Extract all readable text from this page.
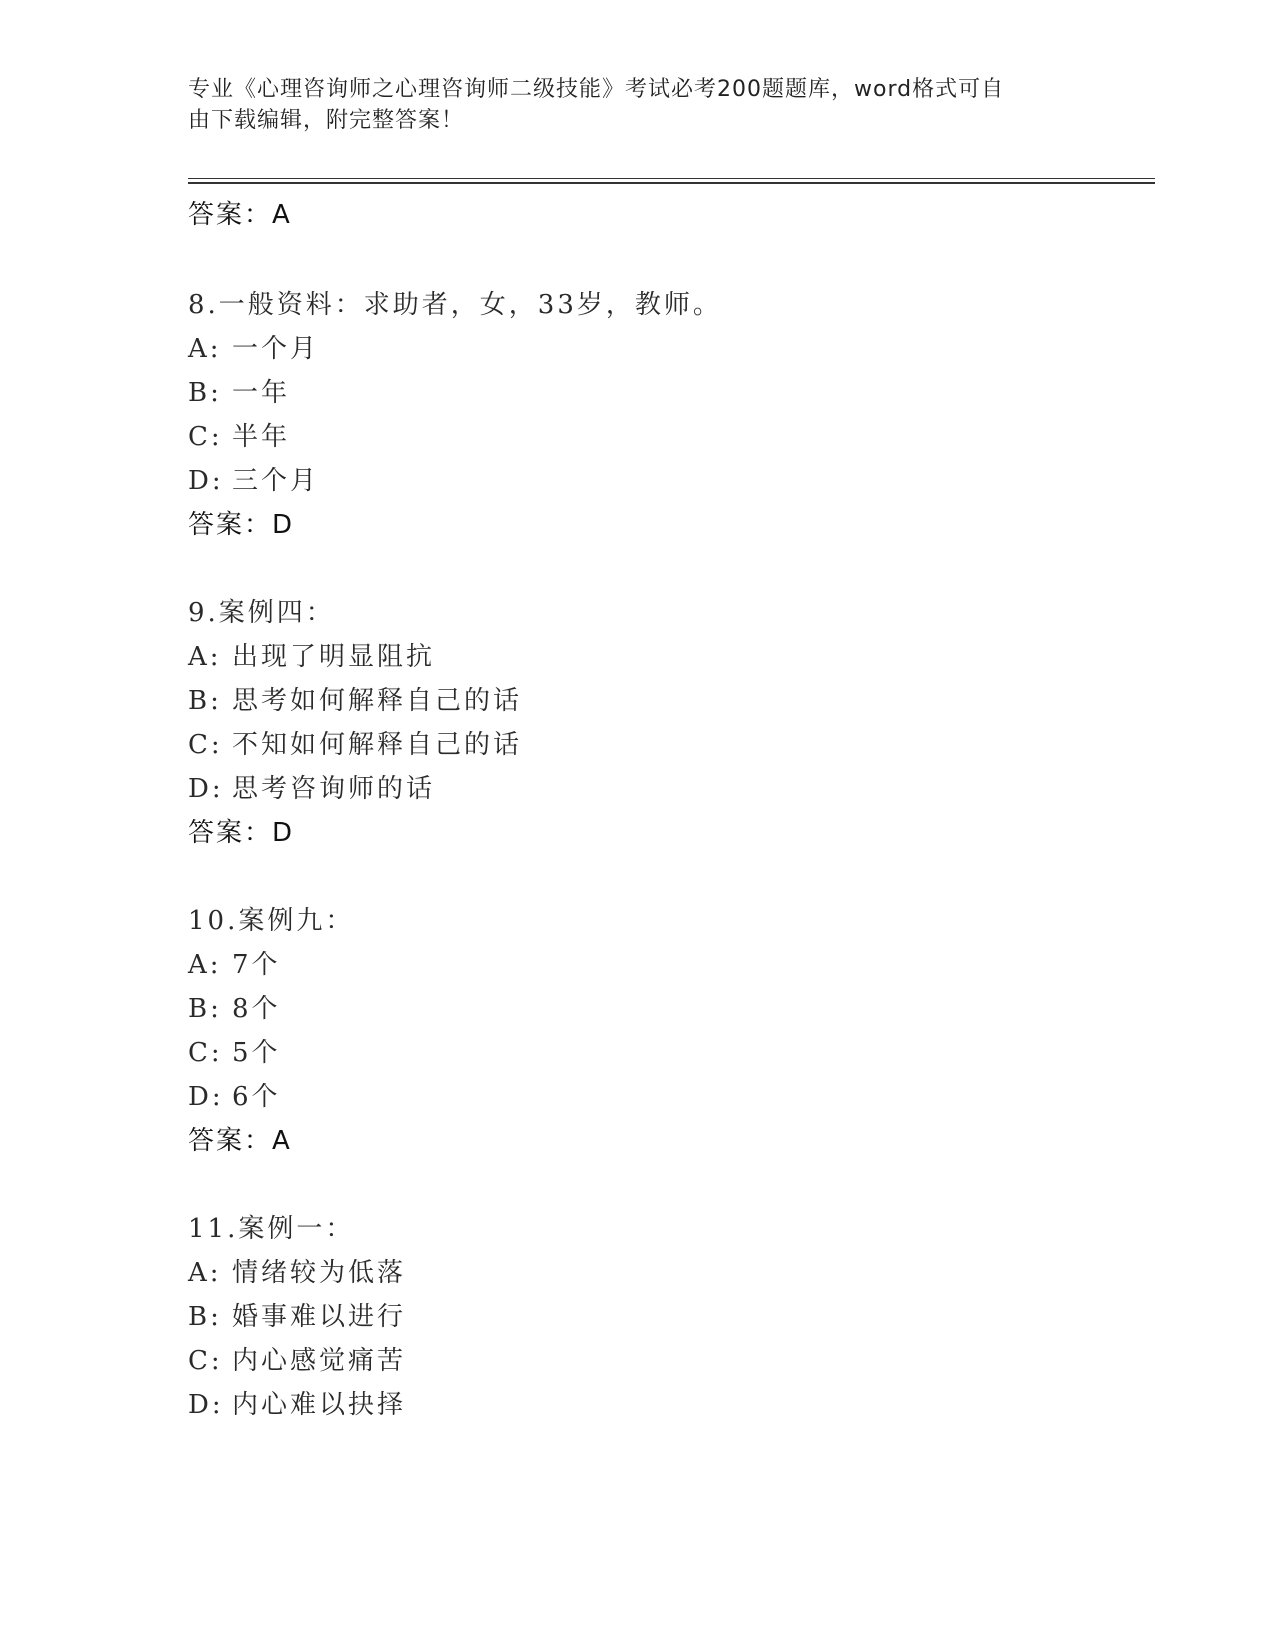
专业《心理咨询师之心理咨询师二级技能》考试必考200题题库，word格式可自
由下载编辑，附完整答案！
答案：A
8.一般资料：求助者，女，33岁，教师。
A: 一个月
B: 一年
C: 半年
D: 三个月
答案：D
9.案例四：
A: 出现了明显阻抗
B: 思考如何解释自己的话
C: 不知如何解释自己的话
D: 思考咨询师的话
答案：D
10.案例九：
A: 7个
B: 8个
C: 5个
D: 6个
答案：A
11.案例一：
A: 情绪较为低落
B: 婚事难以进行
C: 内心感觉痛苦
D: 内心难以抉择
